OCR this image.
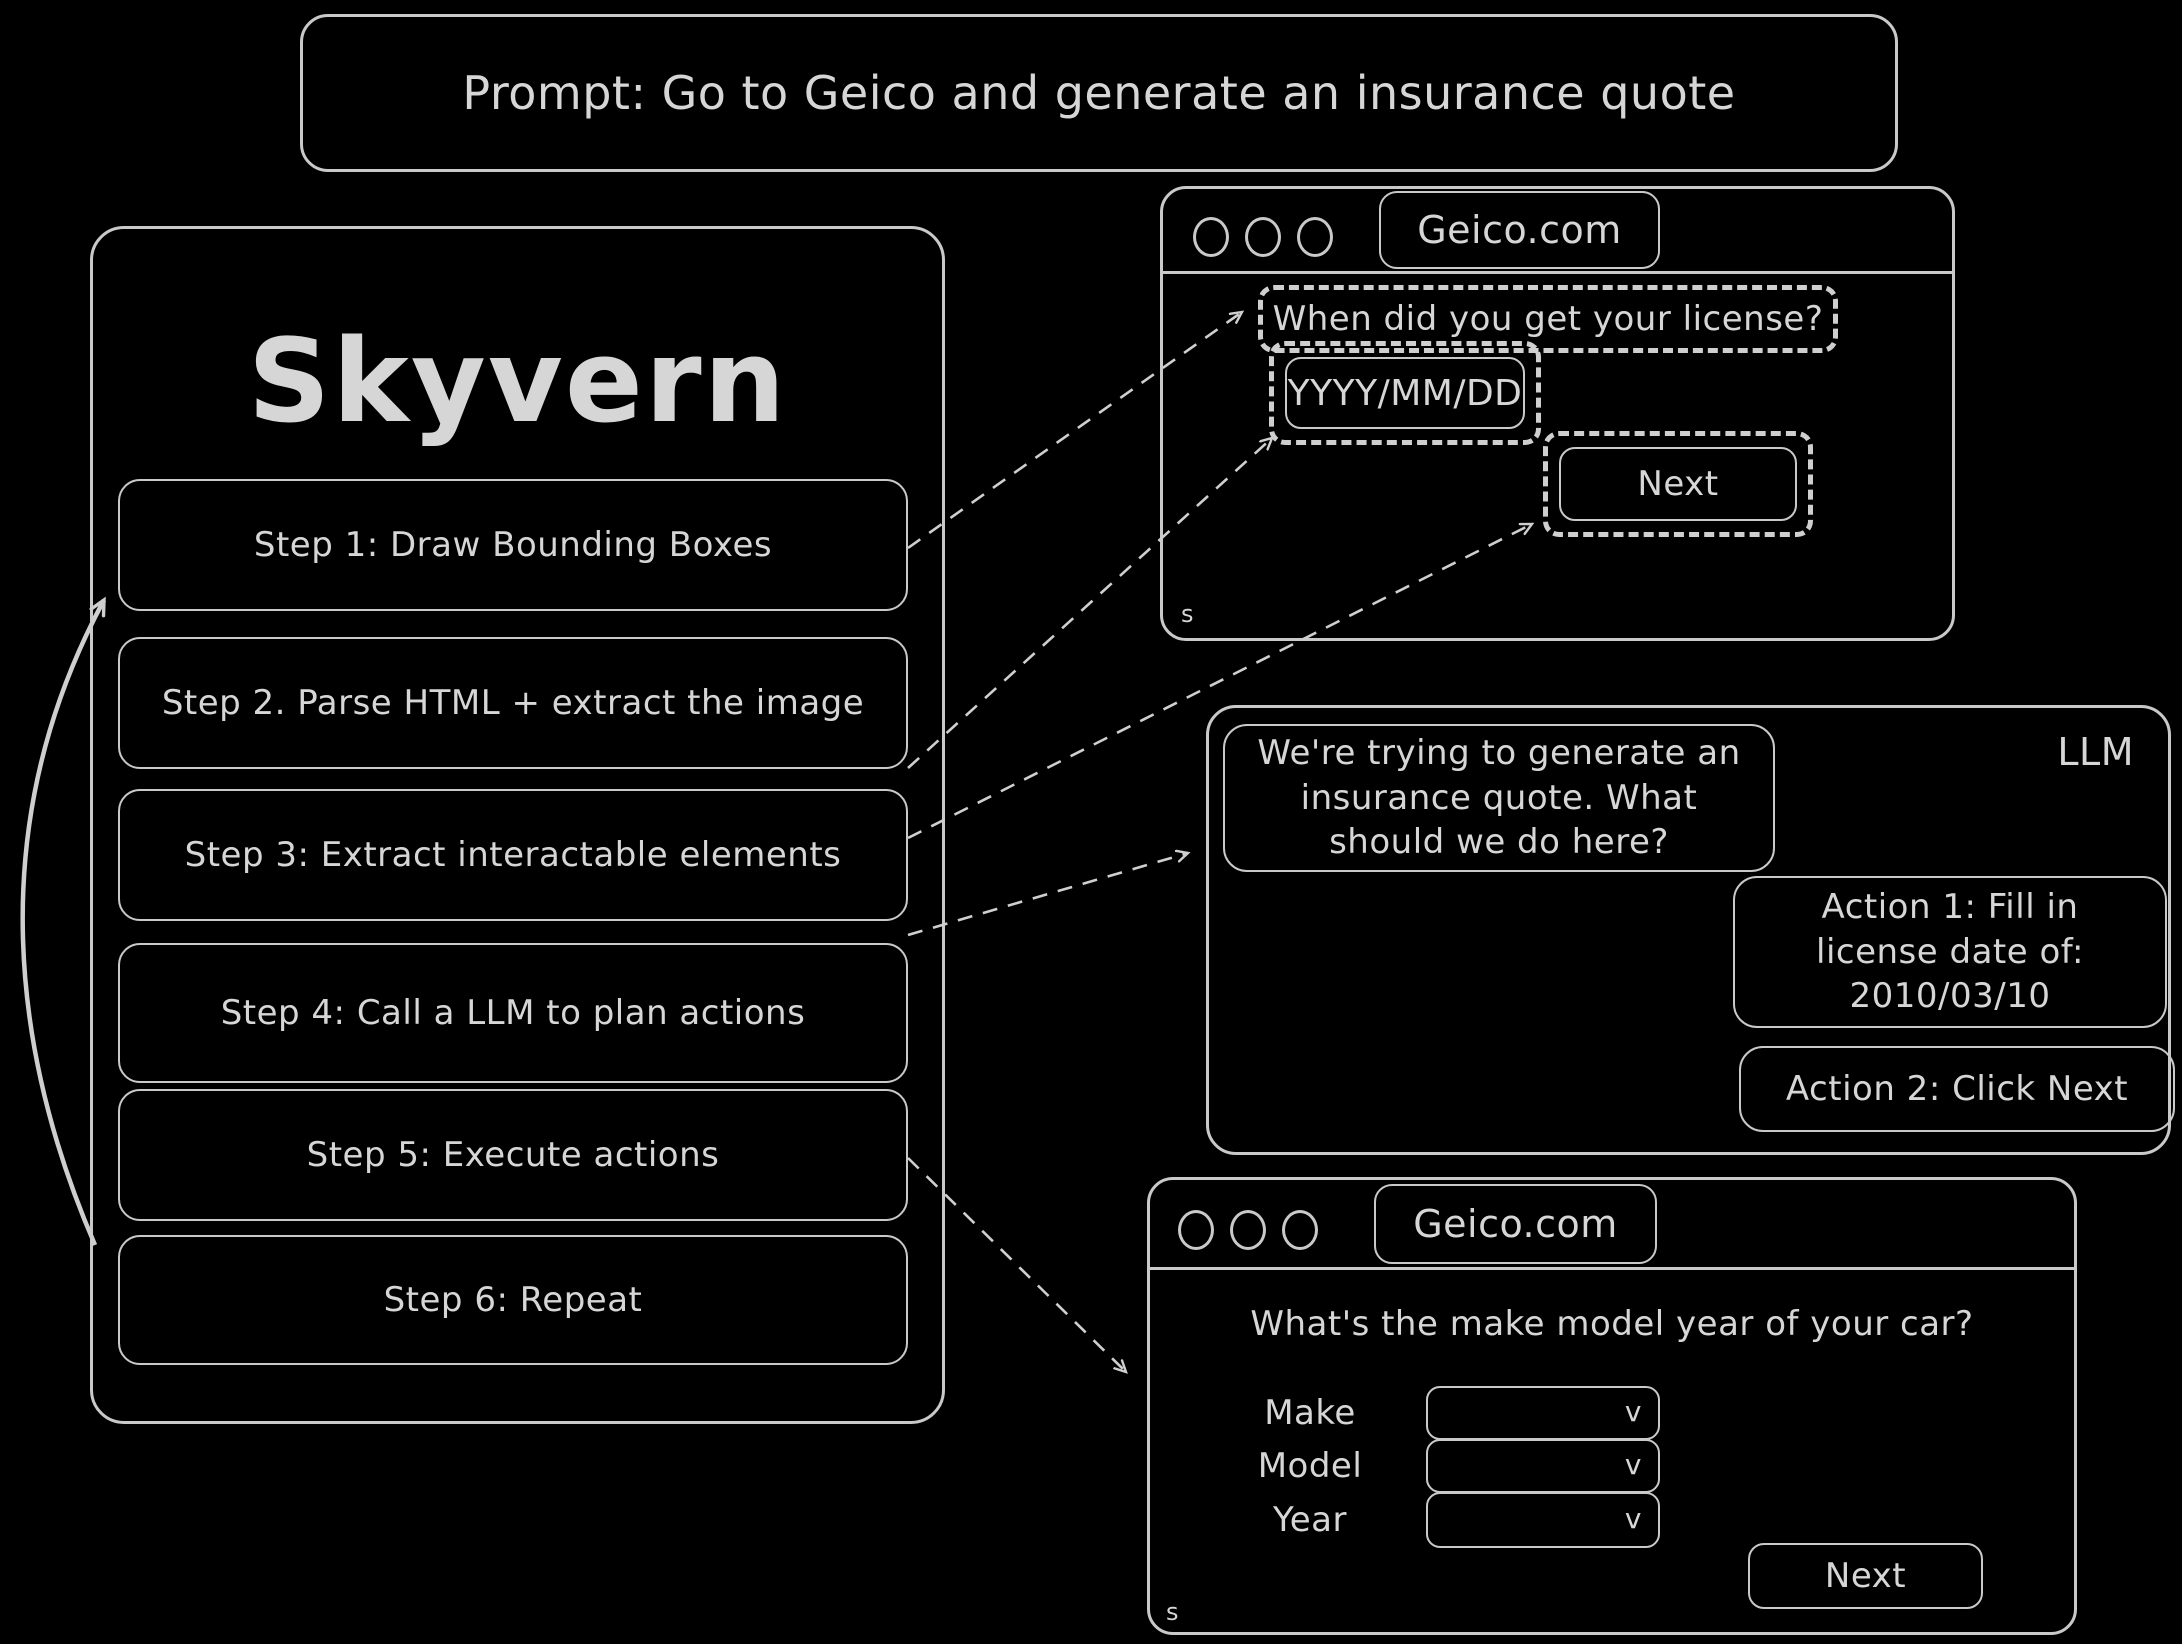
Prompt: Go to Geico and generate an insurance quote
Skyvern
Step 1: Draw Bounding Boxes
Step 2. Parse HTML + extract the image
Step 3: Extract interactable elements
Step 4: Call a LLM to plan actions
Step 5: Execute actions
Step 6: Repeat
Geico.com
When did you get your license?
YYYY/MM/DD
Next
s
LLM
We're trying to generate an insurance quote. What should we do here?
Action 1: Fill in license date of: 2010/03/10
Action 2: Click Next
Geico.com
What's the make model year of your car?
Make	v
Model	v
Year	v
Next
s
